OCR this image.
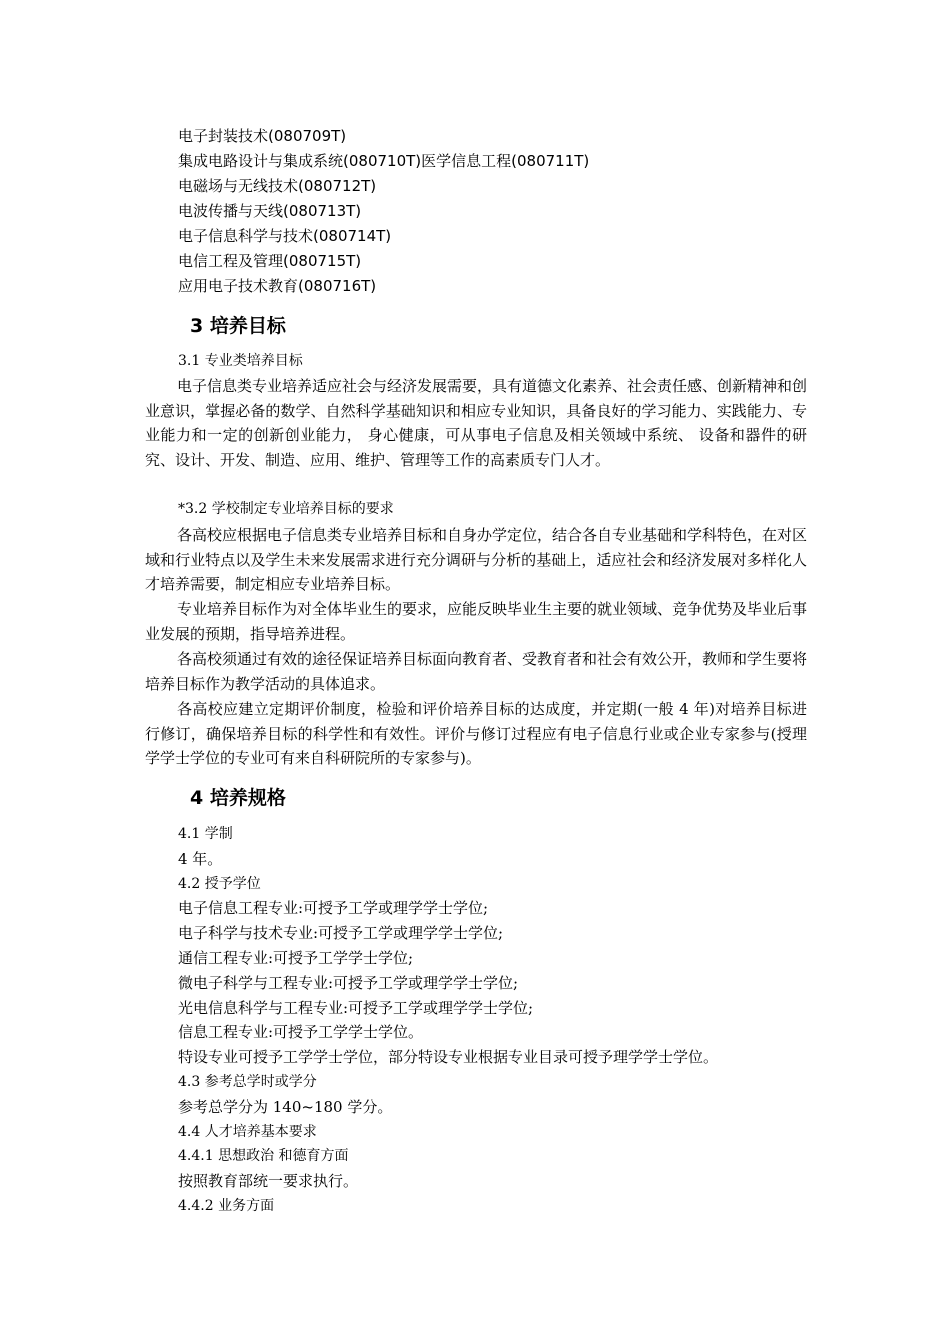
电子封装技术(080709T)
集成电路设计与集成系统(080710T)医学信息工程(080711T)
电磁场与无线技术(080712T)
电波传播与天线(080713T)
电子信息科学与技术(080714T)
电信工程及管理(080715T)
应用电子技术教育(080716T)
3 培养目标
3.1 专业类培养目标
电子信息类专业培养适应社会与经济发展需要，具有道德文化素养、社会责任感、创新精神和创业意识，掌握必备的数学、自然科学基础知识和相应专业知识，具备良好的学习能力、实践能力、专业能力和一定的创新创业能力， 身心健康，可从事电子信息及相关领域中系统、 设备和器件的研究、设计、开发、制造、应用、维护、管理等工作的高素质专门人才。
*3.2 学校制定专业培养目标的要求
各高校应根据电子信息类专业培养目标和自身办学定位，结合各自专业基础和学科特色，在对区域和行业特点以及学生未来发展需求进行充分调研与分析的基础上，适应社会和经济发展对多样化人才培养需要，制定相应专业培养目标。
专业培养目标作为对全体毕业生的要求，应能反映毕业生主要的就业领域、竞争优势及毕业后事业发展的预期，指导培养进程。
各高校须通过有效的途径保证培养目标面向教育者、受教育者和社会有效公开，教师和学生要将培养目标作为教学活动的具体追求。
各高校应建立定期评价制度，检验和评价培养目标的达成度，并定期(一般 4 年)对培养目标进行修订，确保培养目标的科学性和有效性。评价与修订过程应有电子信息行业或企业专家参与(授理学学士学位的专业可有来自科研院所的专家参与)。
4 培养规格
4.1 学制
4 年。
4.2 授予学位
电子信息工程专业:可授予工学或理学学士学位;
电子科学与技术专业:可授予工学或理学学士学位;
通信工程专业:可授予工学学士学位;
微电子科学与工程专业:可授予工学或理学学士学位;
光电信息科学与工程专业:可授予工学或理学学士学位;
信息工程专业:可授予工学学士学位。
特设专业可授予工学学士学位，部分特设专业根据专业目录可授予理学学士学位。
4.3 参考总学时或学分
参考总学分为 140~180 学分。
4.4 人才培养基本要求
4.4.1 思想政治 和德育方面
按照教育部统一要求执行。
4.4.2 业务方面
